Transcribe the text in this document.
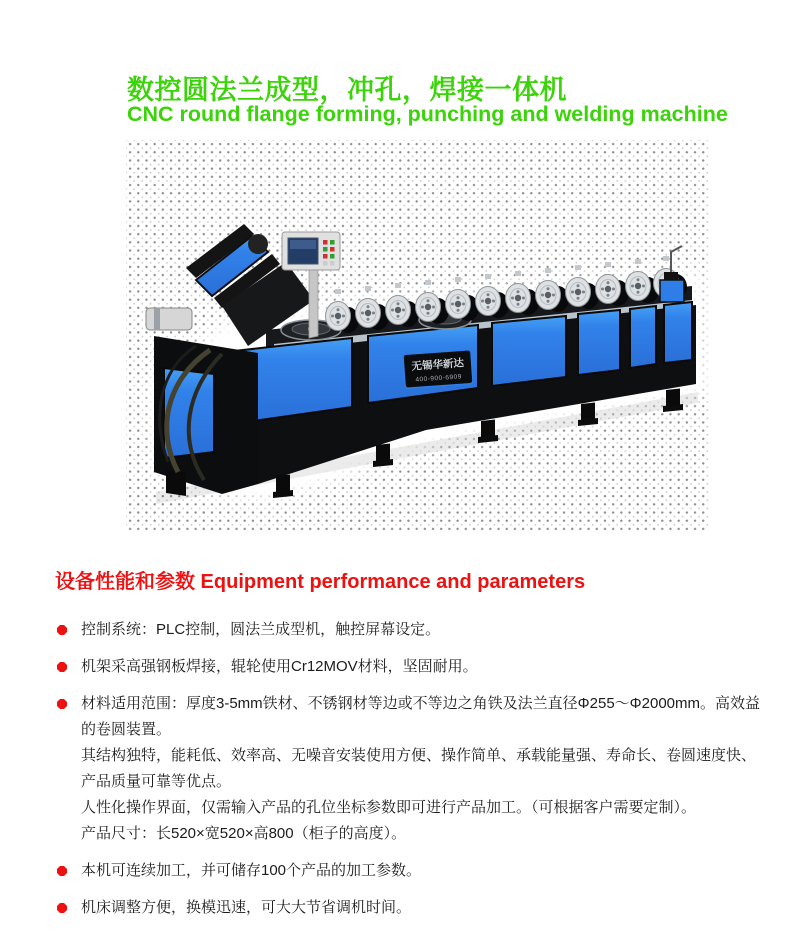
数控圆法兰成型，冲孔，焊接一体机
CNC round flange forming, punching and welding machine
无锡华新达
400-900-6909
设备性能和参数 Equipment performance and parameters
控制系统：PLC控制，圆法兰成型机，触控屏幕设定。
机架采高强钢板焊接，辊轮使用Cr12MOV材料，坚固耐用。
材料适用范围：厚度3-5mm铁材、不锈钢材等边或不等边之角铁及法兰直径Φ255～Φ2000mm。高效益的卷圆装置。
其结构独特，能耗低、效率高、无噪音安装使用方便、操作简单、承载能量强、寿命长、卷圆速度快、产品质量可靠等优点。
人性化操作界面，仅需输入产品的孔位坐标参数即可进行产品加工。（可根据客户需要定制）。
产品尺寸：长520×宽520×高800（柜子的高度）。
本机可连续加工，并可储存100个产品的加工参数。
机床调整方便，换模迅速，可大大节省调机时间。
